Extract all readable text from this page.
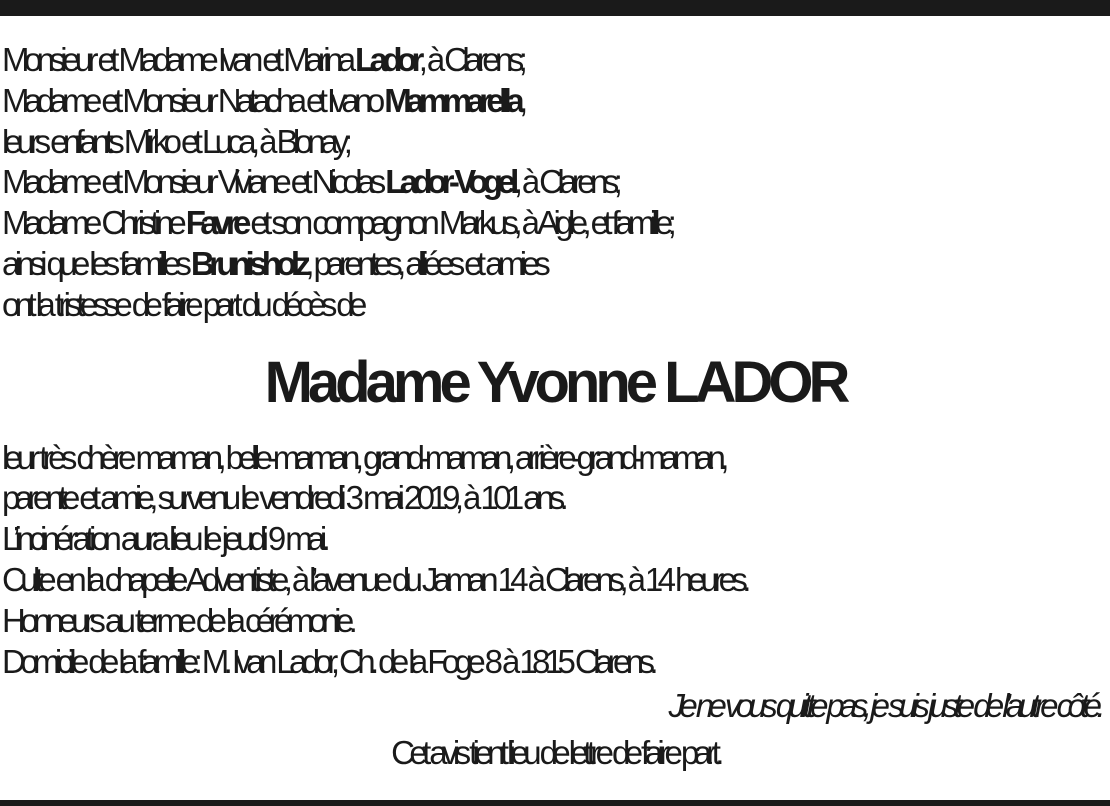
Monsieur et Madame Ivan et Marina Lador, à Clarens;
Madame et Monsieur Natacha et Ivano Mammarella,
leurs enfants Mirko et Luca, à Blonay;
Madame et Monsieur Viviane et Nicolas Lador-Vogel, à Clarens;
Madame Christine Favre et son compagnon Markus, à Aigle, et famille;
ainsi que les familles Brunisholz, parentes, alliées et amies
ont la tristesse de faire part du décès de
Madame Yvonne LADOR
leur très chère maman, belle-maman, grand-maman, arrière-grand-maman,
parente et amie, survenu le vendredi 3 mai 2019, à 101 ans.
L’incinération aura lieu le jeudi 9 mai.
Culte en la chapelle Adventiste, à l’avenue du Jaman 14 à Clarens, à 14 heures.
Honneurs au terme de la cérémonie.
Domicile de la famille: M. Ivan Lador, Ch. de la Foge 8 à 1815 Clarens.
Je ne vous quitte pas, je suis juste de l’autre côté.
Cet avis tient lieu de lettre de faire part.
